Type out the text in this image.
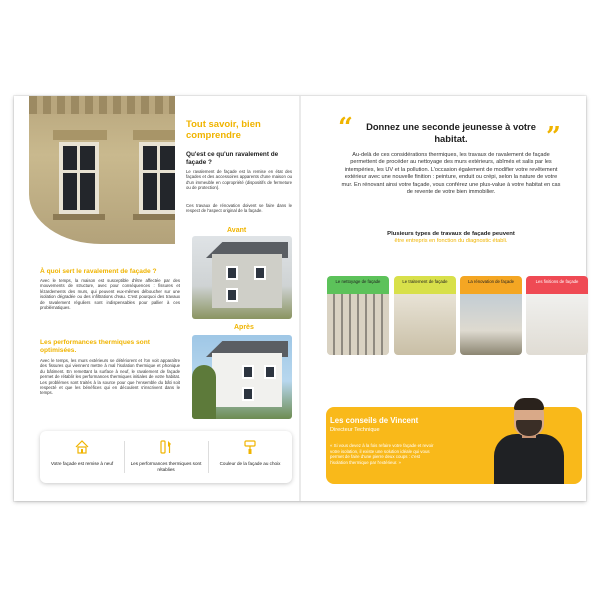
Tout savoir, bien comprendre
Qu'est ce qu'un ravalement de façade ?
Le ravalement de façade est la remise en état des façades et des accessoires apparents d'une maison ou d'un immeuble en copropriété (dispositifs de fermeture ou de protection).
Ces travaux de rénovation doivent se faire dans le respect de l'aspect original de la façade.
Avant
Après
À quoi sert le ravalement de façade ?
Avec le temps, la maison est susceptible d'être affectée par des mouvements de structure, avec pour conséquences : fissures et lézardements des murs, qui peuvent eux-mêmes déboucher sur une isolation dégradée ou des infiltrations d'eau. C'est pourquoi des travaux de ravalement réguliers sont indispensables pour pallier à ces problématiques.
Les performances thermiques sont optimisées.
Avec le temps, les murs extérieurs se détériorent et l'on voit apparaître des fissures qui viennent mettre à mal l'isolation thermique et phonique du bâtiment. En remettant la surface à neuf, le ravalement de façade permet de rétablir les performances thermiques initiales de votre habitat. Les problèmes sont traités à la source pour que l'ensemble du bâti soit respecté et que les bénéfices qui en découlent s'inscrivent dans le temps.
Votre façade est remise à neuf	Les performances thermiques sont rétablies
Couleur de la façade au choix
“	”
Donnez une seconde jeunesse à votre habitat.
Au-delà de ces considérations thermiques, les travaux de ravalement de façade permettent de procéder au nettoyage des murs extérieurs, abîmés et salis par les intempéries, les UV et la pollution. L'occasion également de modifier votre revêtement extérieur avec une nouvelle finition : peinture, enduit ou crépi, selon la nature de votre mur. En rénovant ainsi votre façade, vous conférez une plus-value à votre habitat en cas de revente de votre bien immobilier.
Plusieurs types de travaux de façade peuvent
être entrepris en fonction du diagnostic établi.
Le nettoyage de façade	Le traitement de façade	La rénovation de façade	Les finitions de façade
Les conseils de Vincent
Directeur Technique
« Si vous devez à la fois refaire votre façade et revoir votre isolation, il existe une solution idéale qui vous permet de faire d'une pierre deux coups : c'est l'isolation thermique par l'extérieur. »
